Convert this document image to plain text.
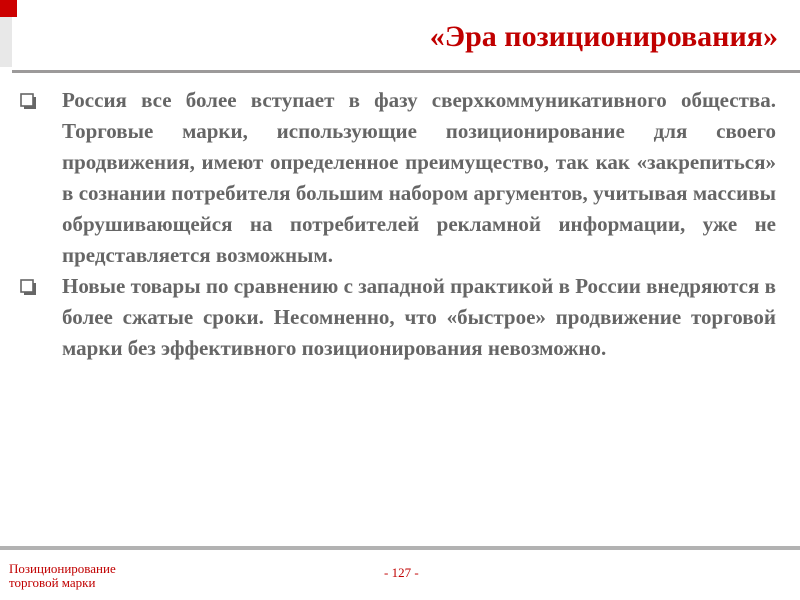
«Эра позиционирования»
Россия все более вступает в фазу сверхкоммуникативного общества. Торговые марки, использующие позиционирование для своего продвижения, имеют определенное преимущество, так как «закрепиться» в сознании потребителя большим набором аргументов, учитывая массивы обрушивающейся на потребителей рекламной информации, уже не представляется возможным.
Новые товары по сравнению с западной практикой в России внедряются в более сжатые сроки. Несомненно, что «быстрое» продвижение торговой марки без эффективного позиционирования невозможно.
Позиционирование
торговой марки
- 127 -
